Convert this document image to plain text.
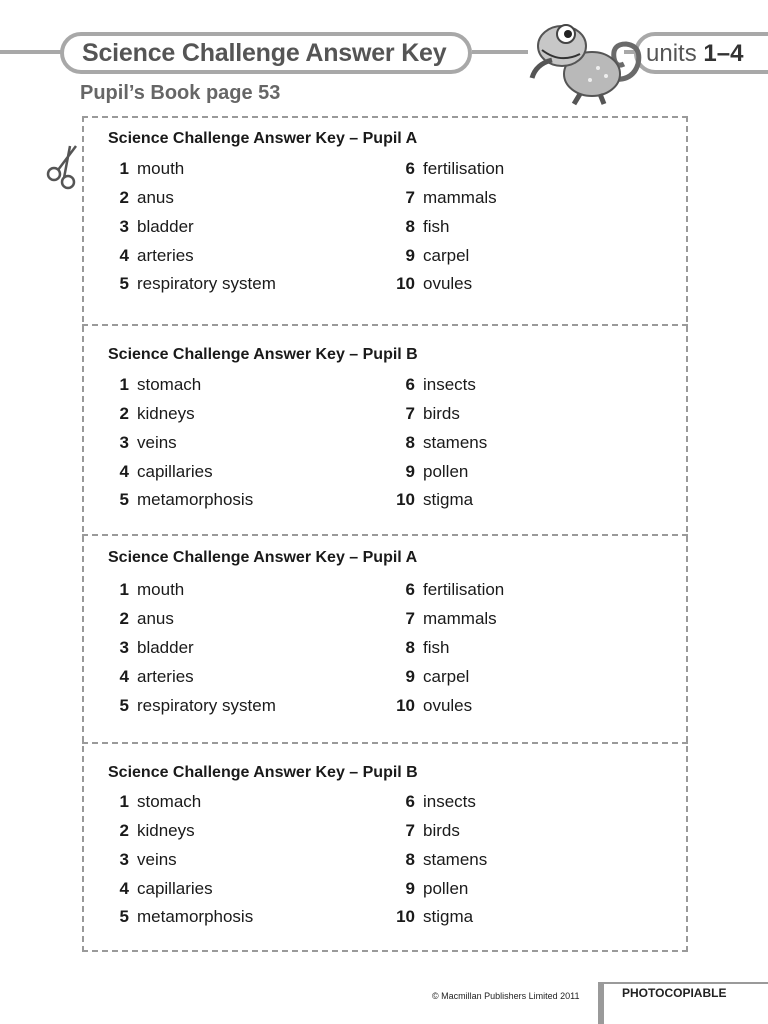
Science Challenge Answer Key	units 1–4
Pupil’s Book page 53
Science Challenge Answer Key – Pupil A
1 mouth
2 anus
3 bladder
4 arteries
5 respiratory system
6 fertilisation
7 mammals
8 fish
9 carpel
10 ovules
Science Challenge Answer Key – Pupil B
1 stomach
2 kidneys
3 veins
4 capillaries
5 metamorphosis
6 insects
7 birds
8 stamens
9 pollen
10 stigma
Science Challenge Answer Key – Pupil A
1 mouth
2 anus
3 bladder
4 arteries
5 respiratory system
6 fertilisation
7 mammals
8 fish
9 carpel
10 ovules
Science Challenge Answer Key – Pupil B
1 stomach
2 kidneys
3 veins
4 capillaries
5 metamorphosis
6 insects
7 birds
8 stamens
9 pollen
10 stigma
© Macmillan Publishers Limited 2011	PHOTOCOPIABLE
